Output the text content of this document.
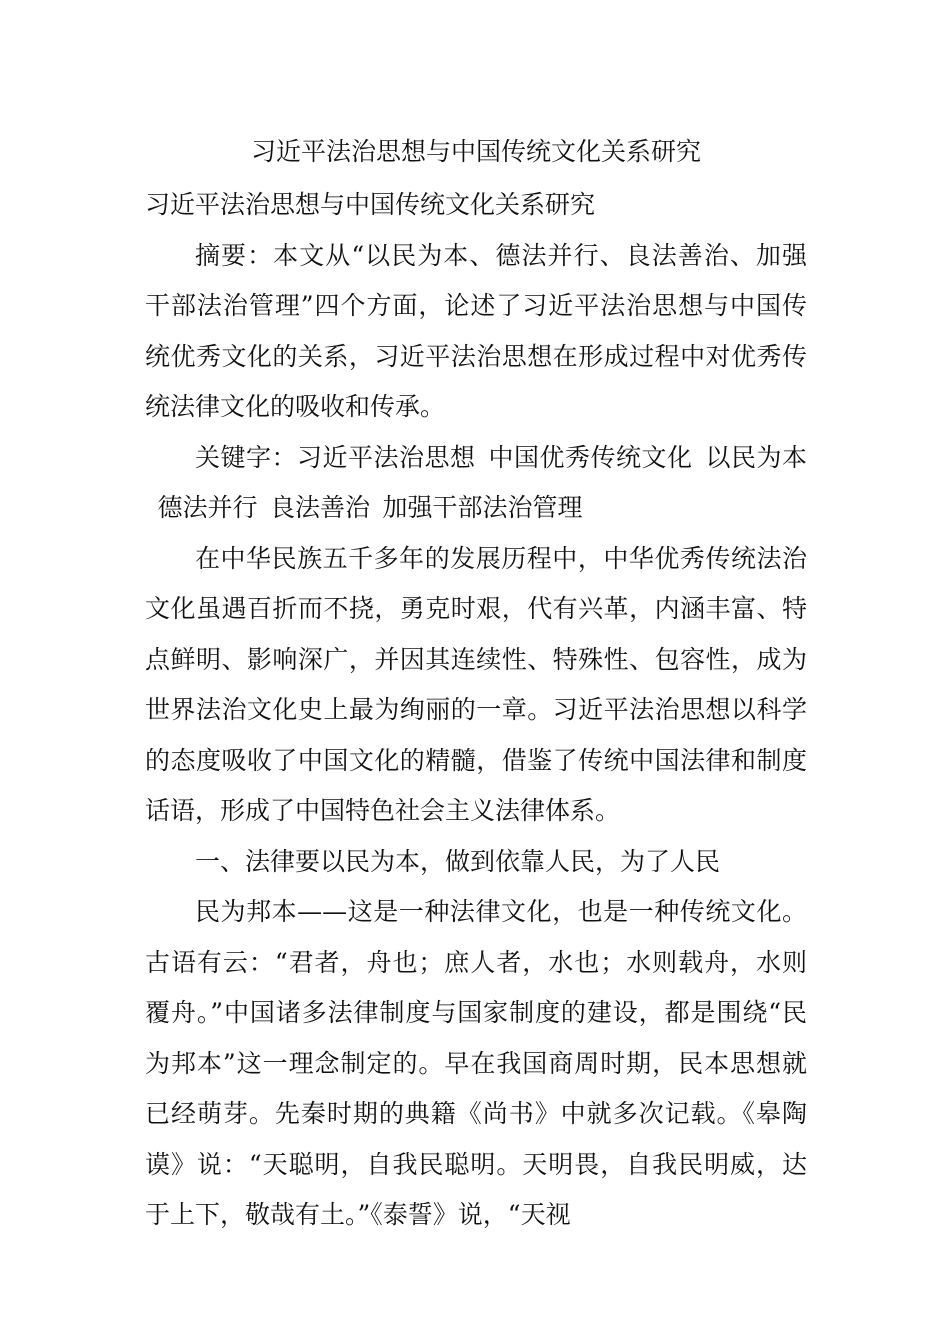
习近平法治思想与中国传统文化关系研究

习近平法治思想与中国传统文化关系研究

摘要：本文从“以民为本、德法并行、良法善治、加强干部法治管理”四个方面，论述了习近平法治思想与中国传统优秀文化的关系，习近平法治思想在形成过程中对优秀传统法律文化的吸收和传承。

关键字：习近平法治思想 中国优秀传统文化 以民为本德法并行 良法善治 加强干部法治管理

在中华民族五千多年的发展历程中，中华优秀传统法治文化虽遇百折而不挠，勇克时艰，代有兴革，内涵丰富、特点鲜明、影响深广，并因其连续性、特殊性、包容性，成为世界法治文化史上最为绚丽的一章。习近平法治思想以科学的态度吸收了中国文化的精髓，借鉴了传统中国法律和制度话语，形成了中国特色社会主义法律体系。

一、法律要以民为本，做到依靠人民，为了人民

民为邦本——这是一种法律文化，也是一种传统文化。古语有云：“君者，舟也；庶人者，水也；水则载舟，水则覆舟。”中国诸多法律制度与国家制度的建设，都是围绕“民为邦本”这一理念制定的。早在我国商周时期，民本思想就已经萌芽。先秦时期的典籍《尚书》中就多次记载。《皋陶谟》说：“天聪明，自我民聪明。天明畏，自我民明威，达于上下，敬哉有土。”《泰誓》说，“天视
